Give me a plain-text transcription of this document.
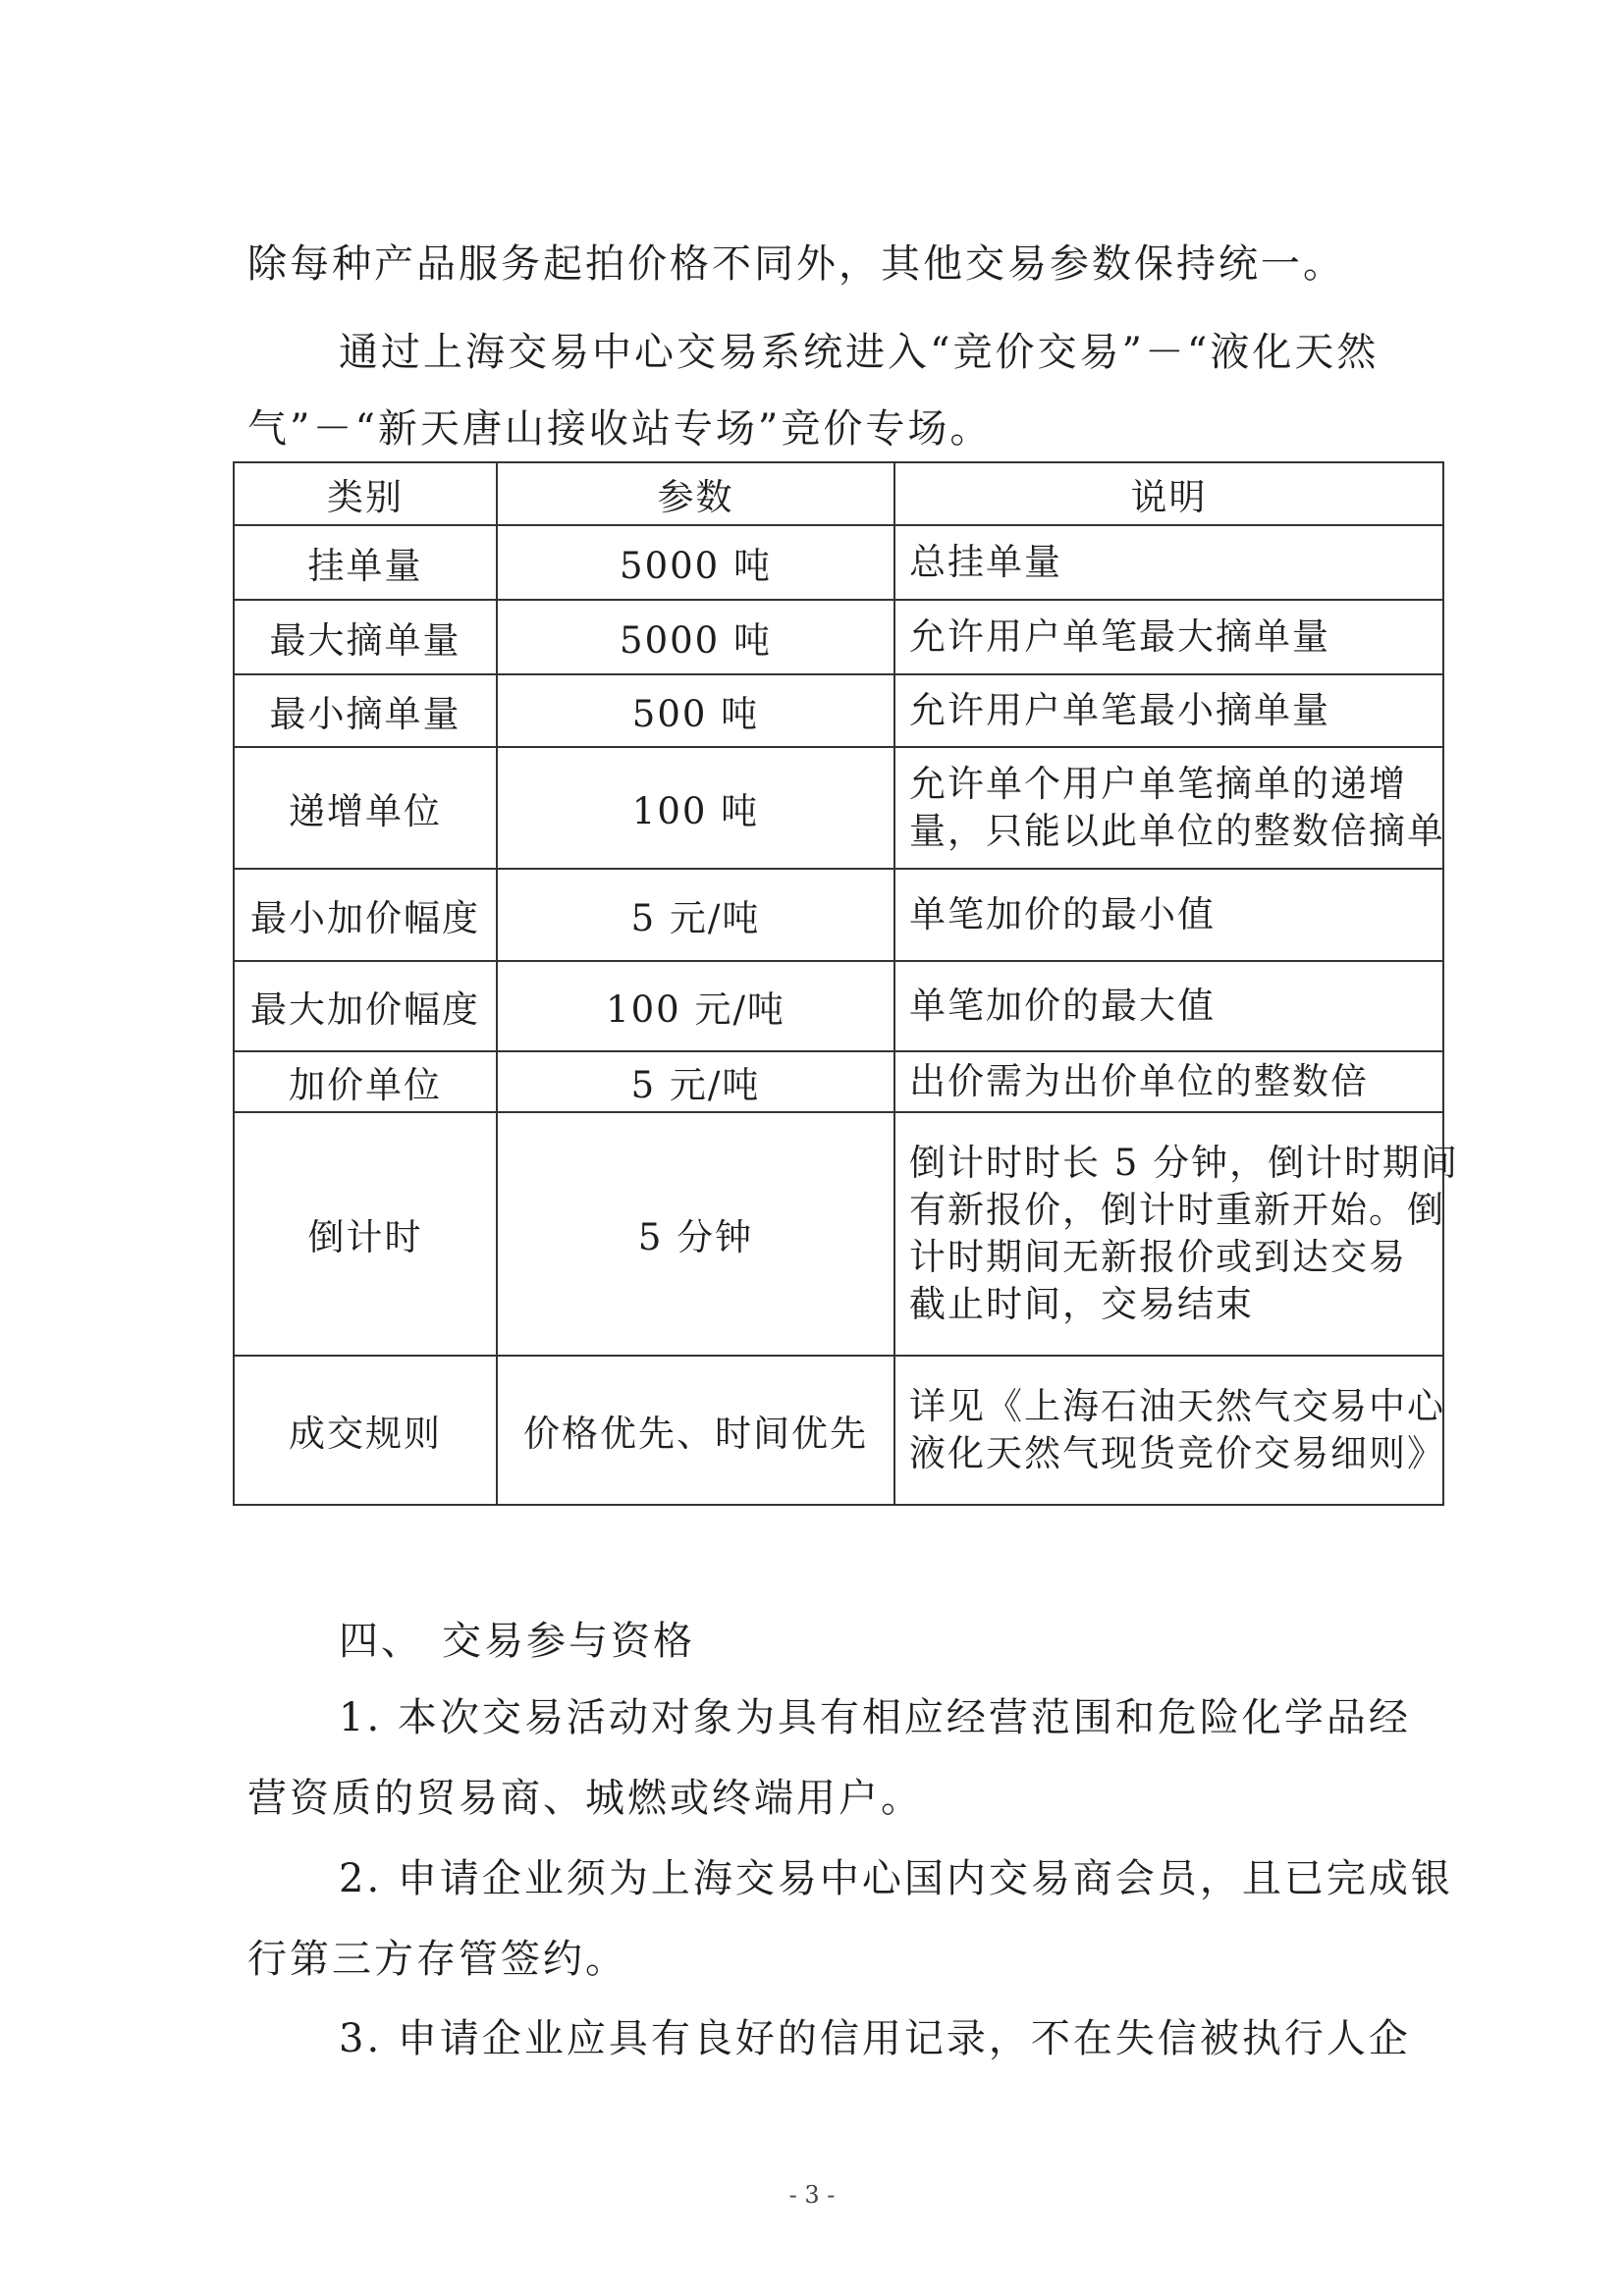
除每种产品服务起拍价格不同外，其他交易参数保持统一。
通过上海交易中心交易系统进入“竞价交易”－“液化天然
气”－“新天唐山接收站专场”竞价专场。
类别	参数	说明
挂单量	5000 吨	总挂单量

最大摘单量	5000 吨	允许用户单笔最大摘单量

最小摘单量	500 吨	允许用户单笔最小摘单量

递增单位	100 吨	允许单个用户单笔摘单的递增
量，只能以此单位的整数倍摘单

最小加价幅度	5 元/吨	单笔加价的最小值

最大加价幅度	100 元/吨	单笔加价的最大值

加价单位	5 元/吨	出价需为出价单位的整数倍

倒计时	5 分钟	倒计时时长 5 分钟，倒计时期间
有新报价，倒计时重新开始。倒
计时期间无新报价或到达交易
截止时间，交易结束

成交规则	价格优先、时间优先	详见《上海石油天然气交易中心
液化天然气现货竞价交易细则》
四、 交易参与资格
1. 本次交易活动对象为具有相应经营范围和危险化学品经
营资质的贸易商、城燃或终端用户。
2. 申请企业须为上海交易中心国内交易商会员，且已完成银
行第三方存管签约。
3. 申请企业应具有良好的信用记录，不在失信被执行人企
- 3 -
